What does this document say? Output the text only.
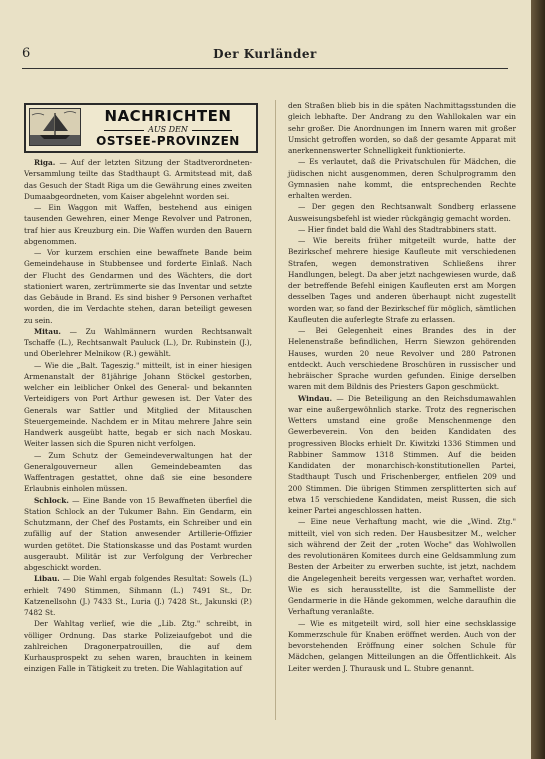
6	Der Kurländer
NACHRICHTEN
AUS DEN
OSTSEE-PROVINZEN

Riga. — Auf der letzten Sitzung der Stadtverordneten-Versammlung teilte das Stadthaupt G. Armitstead mit, daß das Gesuch der Stadt Riga um die Gewährung eines zweiten Dumaabgeordneten, vom Kaiser abgelehnt worden sei.

— Ein Waggon mit Waffen, bestehend aus einigen tausenden Gewehren, einer Menge Revolver und Patronen, traf hier aus Kreuzburg ein. Die Waffen wurden den Bauern abgenommen.

— Vor kurzem erschien eine bewaffnete Bande beim Gemeindehause in Stubbensee und forderte Einlaß. Nach der Flucht des Gendarmen und des Wächters, die dort stationiert waren, zertrümmerte sie das Inventar und setzte das Gebäude in Brand. Es sind bisher 9 Personen verhaftet worden, die im Verdachte stehen, daran beteiligt gewesen zu sein.

Mitau. — Zu Wahlmännern wurden Rechtsanwalt Tschaffe (L.), Rechtsanwalt Pauluck (L.), Dr. Rubinstein (J.), und Oberlehrer Melnikow (R.) gewählt.

— Wie die „Balt. Tageszig." mitteilt, ist in einer hiesigen Armenanstalt der 81jährige Johann Stöckel gestorben, welcher ein leiblicher Onkel des General- und bekannten Verteidigers von Port Arthur gewesen ist. Der Vater des Generals war Sattler und Mitglied der Mitauschen Steuergemeinde. Nachdem er in Mitau mehrere Jahre sein Handwerk ausgeübt hatte, begab er sich nach Moskau. Weiter lassen sich die Spuren nicht verfolgen.

— Zum Schutz der Gemeindeverwaltungen hat der Generalgouverneur allen Gemeindebeamten das Waffentragen gestattet, ohne daß sie eine besondere Erlaubnis einholen müssen.

Schlock. — Eine Bande von 15 Bewaffneten überfiel die Station Schlock an der Tukumer Bahn. Ein Gendarm, ein Schutzmann, der Chef des Postamts, ein Schreiber und ein zufällig auf der Station anwesender Artillerie-Offizier wurden getötet. Die Stationskasse und das Postamt wurden ausgeraubt. Militär ist zur Verfolgung der Verbrecher abgeschickt worden.

Libau. — Die Wahl ergab folgendes Resultat: Sowels (L.) erhielt 7490 Stimmen, Sihmann (L.) 7491 St., Dr. Katzenellsohn (J.) 7433 St., Luria (J.) 7428 St., Jakunski (P.) 7482 St.

Der Wahltag verlief, wie die „Lib. Ztg." schreibt, in völliger Ordnung. Das starke Polizeiaufgebot und die zahlreichen Dragonerpatrouillen, die auf dem Kurhausprospekt zu sehen waren, brauchten in keinem einzigen Falle in Tätigkeit zu treten. Die Wahlagitation auf

den Straßen blieb bis in die späten Nachmittagsstunden die gleich lebhafte. Der Andrang zu den Wahllokalen war ein sehr großer. Die Anordnungen im Innern waren mit großer Umsicht getroffen worden, so daß der gesamte Apparat mit anerkennenswerter Schnelligkeit funktionierte.

— Es verlautet, daß die Privatschulen für Mädchen, die jüdischen nicht ausgenommen, deren Schulprogramm den Gymnasien nahe kommt, die entsprechenden Rechte erhalten werden.

— Der gegen den Rechtsanwalt Sondberg erlassene Ausweisungsbefehl ist wieder rückgängig gemacht worden.

— Hier findet bald die Wahl des Stadtrabbiners statt.

— Wie bereits früher mitgeteilt wurde, hatte der Bezirkschef mehrere hiesige Kaufleute mit verschiedenen Strafen, wegen demonstrativen Schließens ihrer Handlungen, belegt. Da aber jetzt nachgewiesen wurde, daß der betreffende Befehl einigen Kaufleuten erst am Morgen desselben Tages und anderen überhaupt nicht zugestellt worden war, so fand der Bezirkschef für möglich, sämtlichen Kaufleuten die auferlegte Strafe zu erlassen.

— Bei Gelegenheit eines Brandes des in der Helenenstraße befindlichen, Herrn Siewzon gehörenden Hauses, wurden 20 neue Revolver und 280 Patronen entdeckt. Auch verschiedene Broschüren in russischer und hebräischer Sprache wurden gefunden. Einige derselben waren mit dem Bildnis des Priesters Gapon geschmückt.

Windau. — Die Beteiligung an den Reichsdumawahlen war eine außergewöhnlich starke. Trotz des regnerischen Wetters umstand eine große Menschenmenge den Gewerbeverein. Von den beiden Kandidaten des progressiven Blocks erhielt Dr. Kiwitzki 1336 Stimmen und Rabbiner Sammow 1318 Stimmen. Auf die beiden Kandidaten der monarchisch-konstitutionellen Partei, Stadthaupt Tusch und Frischenberger, entfielen 209 und 200 Stimmen. Die übrigen Stimmen zersplitterten sich auf etwa 15 verschiedene Kandidaten, meist Russen, die sich keiner Partei angeschlossen hatten.

— Eine neue Verhaftung macht, wie die „Wind. Ztg." mitteilt, viel von sich reden. Der Hausbesitzer M., welcher sich während der Zeit der „roten Woche" das Wohlwollen des revolutionären Komitees durch eine Geldsammlung zum Besten der Arbeiter zu erwerben suchte, ist jetzt, nachdem die Angelegenheit bereits vergessen war, verhaftet worden. Wie es sich herausstellte, ist die Sammelliste der Gendarmerie in die Hände gekommen, welche daraufhin die Verhaftung veranlaßte.

— Wie es mitgeteilt wird, soll hier eine sechsklassige Kommerzschule für Knaben eröffnet werden. Auch von der bevorstehenden Eröffnung einer solchen Schule für Mädchen, gelangen Mitteilungen an die Öffentlichkeit. Als Leiter werden J. Thurausk und L. Stubre genannt.
